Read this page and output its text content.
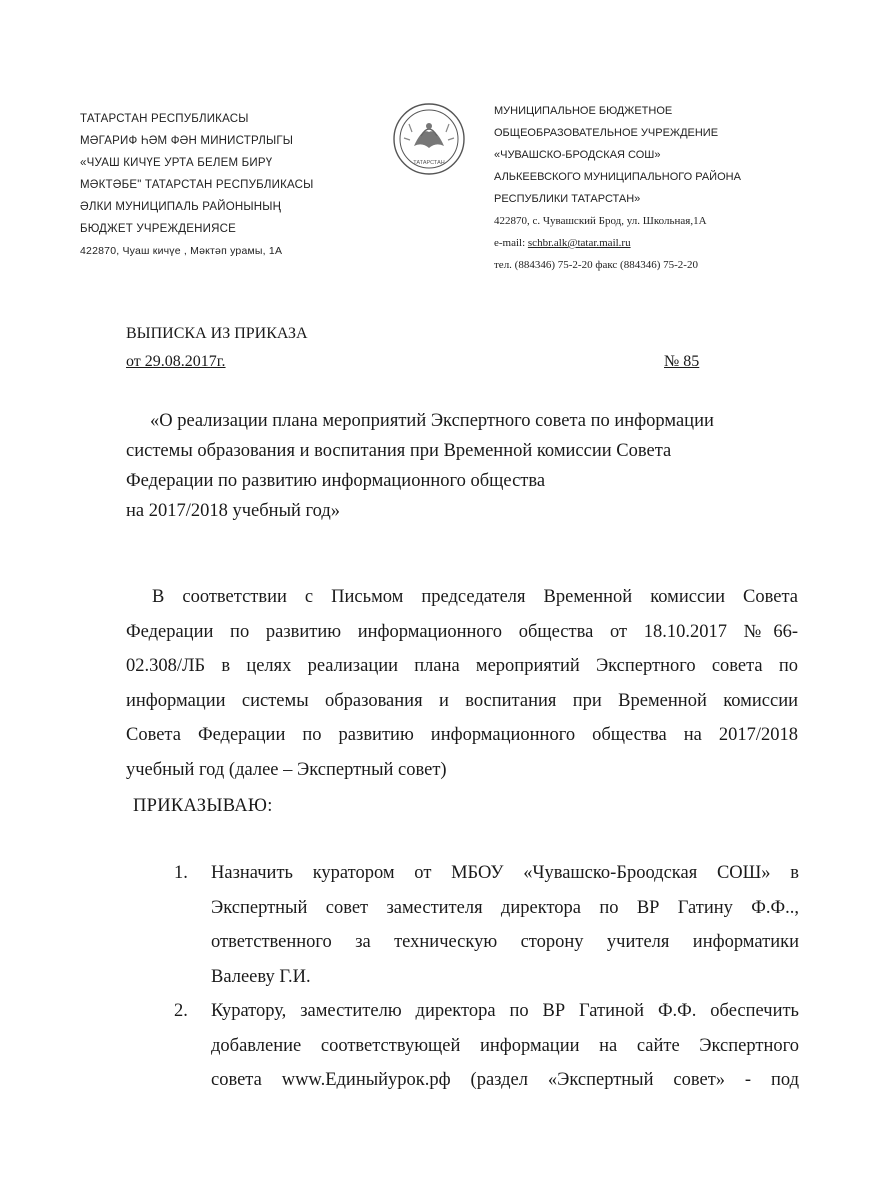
ТАТАРСТАН РЕСПУБЛИКАСЫ
МӘГАРИФ ҺӘМ ФӘН МИНИСТРЛЫГЫ
«ЧУАШ КИЧҮЕ УРТА БЕЛЕМ БИРҮ
МӘКТӘБЕ" ТАТАРСТАН РЕСПУБЛИКАСЫ
ӘЛКИ МУНИЦИПАЛЬ РАЙОНЫНЫҢ
БЮДЖЕТ УЧРЕЖДЕНИЯСЕ
422870, Чуаш кичүе , Мәктәп урамы, 1А
ТАТАРСТАН
МУНИЦИПАЛЬНОЕ БЮДЖЕТНОЕ
ОБЩЕОБРАЗОВАТЕЛЬНОЕ УЧРЕЖДЕНИЕ
«ЧУВАШСКО-БРОДСКАЯ СОШ»
АЛЬКЕЕВСКОГО МУНИЦИПАЛЬНОГО РАЙОНА
РЕСПУБЛИКИ ТАТАРСТАН»
422870, с. Чувашский Брод, ул. Школьная,1А
e-mail: schbr.alk@tatar.mail.ru
тел. (884346) 75-2-20 факс (884346) 75-2-20
ВЫПИСКА ИЗ ПРИКАЗА
от 29.08.2017г.	№ 85
«О реализации плана мероприятий Экспертного совета по информации
системы образования и воспитания при Временной комиссии Совета
Федерации по развитию информационного общества
на 2017/2018 учебный год»
В соответствии с Письмом председателя Временной комиссии Совета
Федерации по развитию информационного общества от 18.10.2017 №66-
02.308/ЛБ в целях реализации плана мероприятий Экспертного совета по
информации системы образования и воспитания при Временной комиссии
Совета Федерации по развитию информационного общества на 2017/2018
учебный год (далее – Экспертный совет)
ПРИКАЗЫВАЮ:
1. Назначить куратором от МБОУ «Чувашско-Броодская СОШ» в
Экспертный совет заместителя директора по ВР Гатину Ф.Ф..,
ответственного за техническую сторону учителя информатики
Валееву Г.И.
2. Куратору, заместителю директора по ВР Гатиной Ф.Ф. обеспечить
добавление соответствующей информации на сайте Экспертного
совета www.Единыйурок.рф (раздел «Экспертный совет» - под
